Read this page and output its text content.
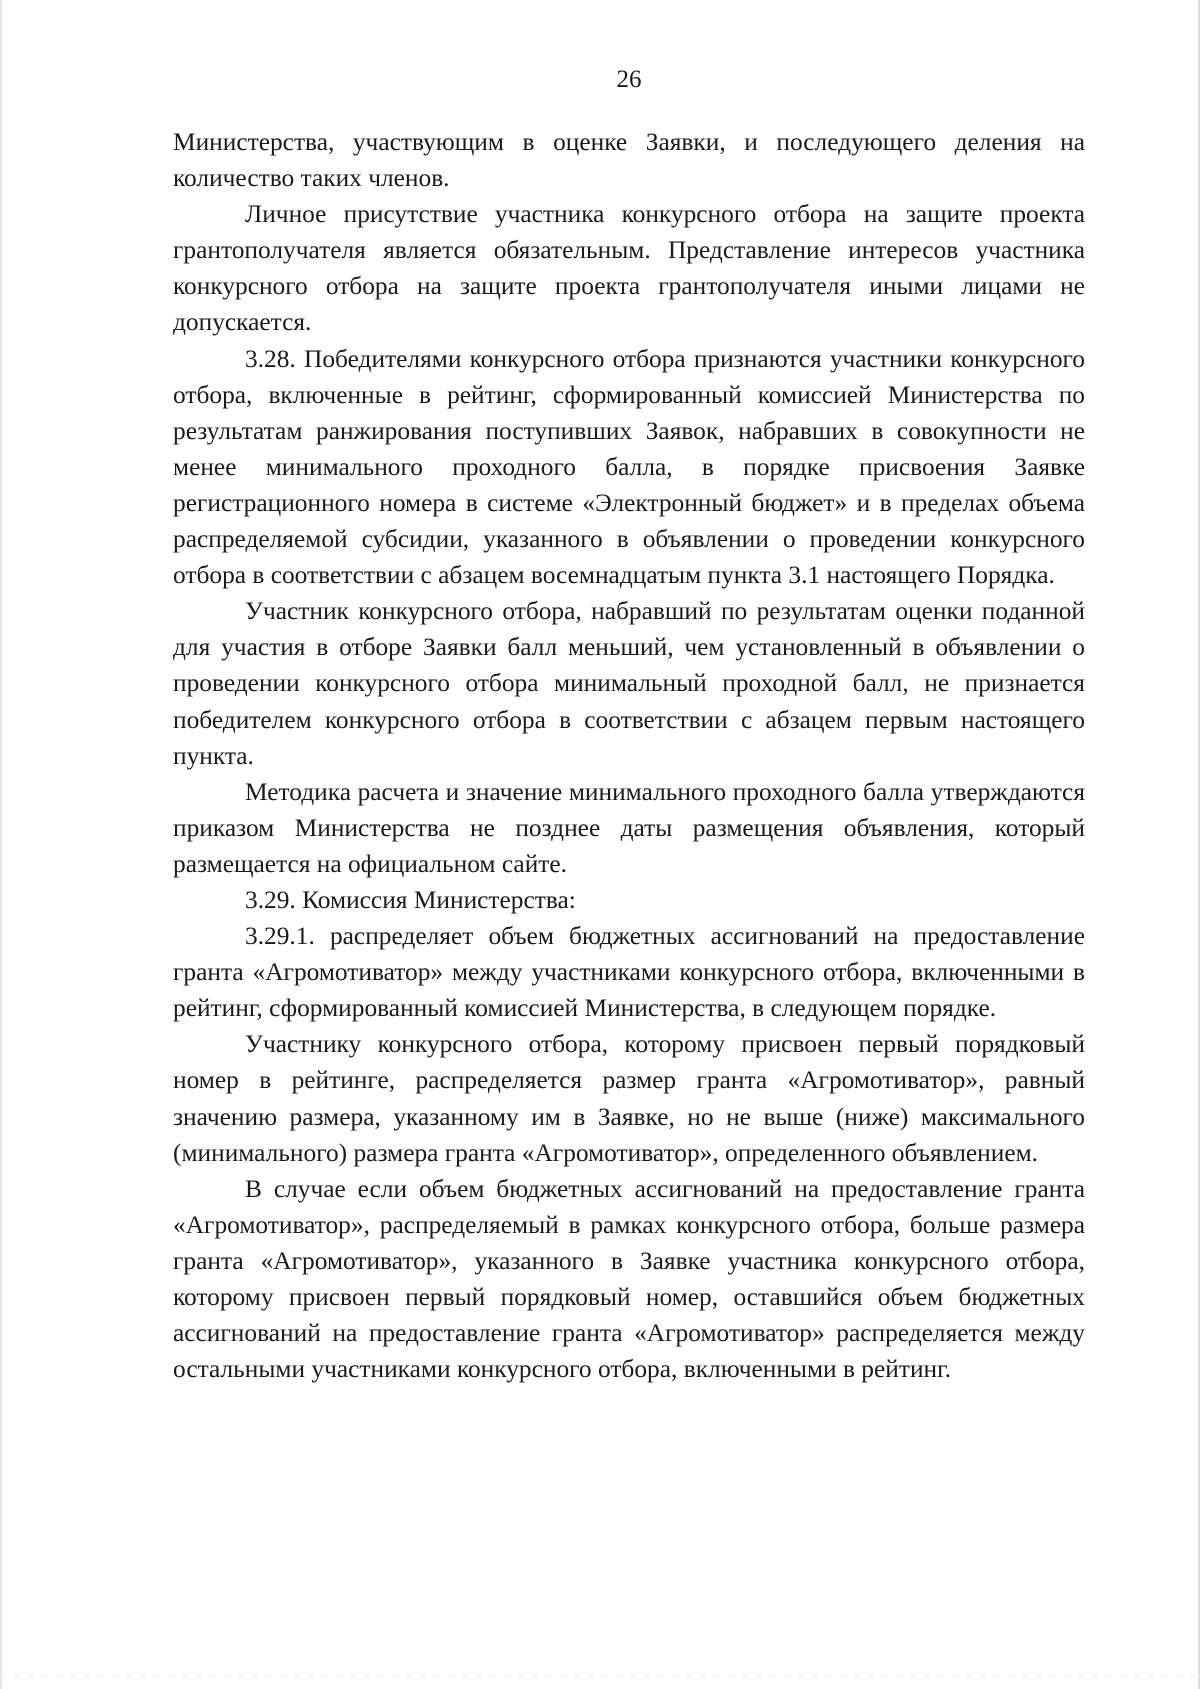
26

Министерства, участвующим в оценке Заявки, и последующего деления на количество таких членов.

Личное присутствие участника конкурсного отбора на защите проекта грантополучателя является обязательным. Представление интересов участника конкурсного отбора на защите проекта грантополучателя иными лицами не допускается.

3.28. Победителями конкурсного отбора признаются участники конкурсного отбора, включенные в рейтинг, сформированный комиссией Министерства по результатам ранжирования поступивших Заявок, набравших в совокупности не менее минимального проходного балла, в порядке присвоения Заявке регистрационного номера в системе «Электронный бюджет» и в пределах объема распределяемой субсидии, указанного в объявлении о проведении конкурсного отбора в соответствии с абзацем восемнадцатым пункта 3.1 настоящего Порядка.

Участник конкурсного отбора, набравший по результатам оценки поданной для участия в отборе Заявки балл меньший, чем установленный в объявлении о проведении конкурсного отбора минимальный проходной балл, не признается победителем конкурсного отбора в соответствии с абзацем первым настоящего пункта.

Методика расчета и значение минимального проходного балла утверждаются приказом Министерства не позднее даты размещения объявления, который размещается на официальном сайте.

3.29. Комиссия Министерства:

3.29.1. распределяет объем бюджетных ассигнований на предоставление гранта «Агромотиватор» между участниками конкурсного отбора, включенными в рейтинг, сформированный комиссией Министерства, в следующем порядке.

Участнику конкурсного отбора, которому присвоен первый порядковый номер в рейтинге, распределяется размер гранта «Агромотиватор», равный значению размера, указанному им в Заявке, но не выше (ниже) максимального (минимального) размера гранта «Агромотиватор», определенного объявлением.

В случае если объем бюджетных ассигнований на предоставление гранта «Агромотиватор», распределяемый в рамках конкурсного отбора, больше размера гранта «Агромотиватор», указанного в Заявке участника конкурсного отбора, которому присвоен первый порядковый номер, оставшийся объем бюджетных ассигнований на предоставление гранта «Агромотиватор» распределяется между остальными участниками конкурсного отбора, включенными в рейтинг.
